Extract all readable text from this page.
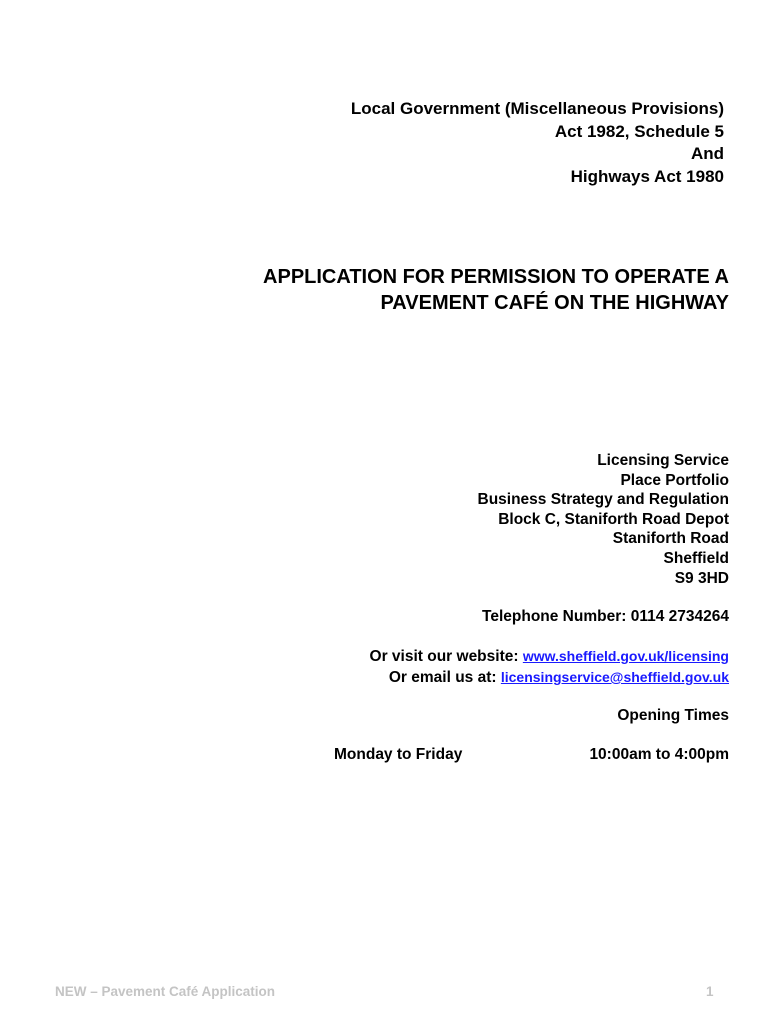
Local Government (Miscellaneous Provisions)
Act 1982, Schedule 5
And
Highways Act 1980
APPLICATION FOR PERMISSION TO OPERATE A
PAVEMENT CAFÉ ON THE HIGHWAY
Licensing Service
Place Portfolio
Business Strategy and Regulation
Block C, Staniforth Road Depot
Staniforth Road
Sheffield
S9 3HD
Telephone Number: 0114 2734264
Or visit our website: www.sheffield.gov.uk/licensing
Or email us at: licensingservice@sheffield.gov.uk
Opening Times
Monday to Friday	10:00am to 4:00pm
NEW – Pavement Café Application	1
